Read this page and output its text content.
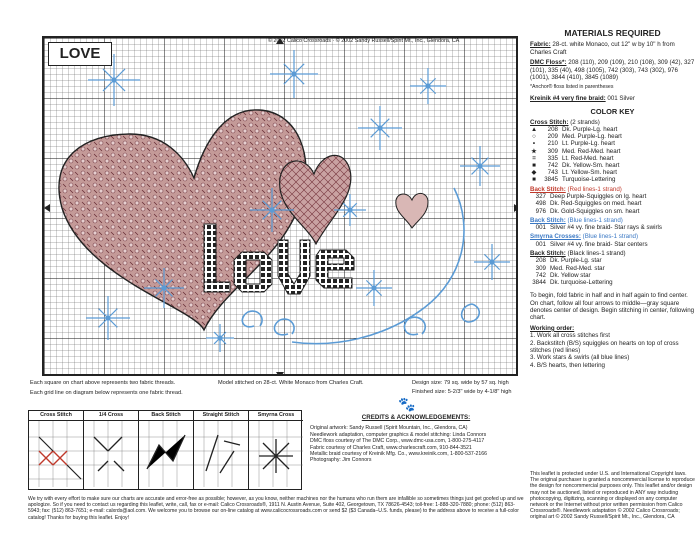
LOVE
© 2002 Calico Crossroads · © 2002 Sandy Russell/Spirit Mt., Inc., Glendora, CA
Each square on chart above represents two fabric threads.
Each grid line on diagram below represents one fabric thread.
Model stitched on 28-ct. White Monaco from Charles Craft.	Design size: 79 sq. wide by 57 sq. high
Finished size: 5-2/3" wide by 4-1/8" high
Cross Stitch	1/4 Cross	Back Stitch	Straight Stitch	Smyrna Cross
🐾
CREDITS & ACKNOWLEDGEMENTS:
Original artwork: Sandy Russell (Spirit Mountain, Inc., Glendora, CA)
Needlework adaptation, computer graphics & model stitching: Linda Connors
DMC floss courtesy of The DMC Corp., www.dmc-usa.com, 1-800-275-4117
Fabric courtesy of Charles Craft, www.charlescraft.com, 910-844-3521
Metallic braid courtesy of Kreinik Mfg. Co., www.kreinik.com, 1-800-537-2166
Photography: Jim Connors
We try with every effort to make sure our charts are accurate and error-free as possible; however, as you know, neither machines nor the humans who run them are infallible so sometimes things just get goofed up and we apologize. So if you need to contact us regarding this leaflet, write, call, fax or e-mail: Calico Crossroads®, 1911 N. Austin Avenue, Suite 402, Georgetown, TX 78626-4543; toll-free: 1-888-320-7880; phone: (512) 863-5943; fax: (512) 863-7651; e-mail: calxrds@aol.com. We welcome you to browse our on-line catalog at www.calicocrossroads.com or send $2 ($3 Canada–U.S. funds, please) to the address above to receive a full-color catalog! Thanks for buying this leaflet. Enjoy!
MATERIALS REQUIRED

Fabric: 28-ct. white Monaco, cut 12" w by 10" h from Charles Craft

DMC Floss*: 208 (110), 209 (109), 210 (108), 309 (42), 327 (101), 335 (40), 498 (1005), 742 (303), 743 (302), 976 (1001), 3844 (410), 3845 (1089)

*Anchor® floss listed in parentheses

Kreinik #4 very fine braid: 001 Silver

COLOR KEY
Cross Stitch: (2 strands)
▲	208 Dk. Purple-Lg. heart
○	209 Med. Purple-Lg. heart
•	210 Lt. Purple-Lg. heart
★	309 Med. Red-Med. heart
=	335 Lt. Red-Med. heart
■	742 Dk. Yellow-Sm. heart
◆	743 Lt. Yellow-Sm. heart
■	3845 Turquoise-Lettering
Back Stitch: (Red lines-1 strand)
327 Deep Purple-Squiggles on lg. heart
498 Dk. Red-Squiggles on med. heart
976 Dk. Gold-Squiggles on sm. heart
Back Stitch: (Blue lines-1 strand)
001 Silver #4 vy. fine braid- Star rays & swirls
Smyrna Crosses: (Blue lines-1 strand)
001 Silver #4 vy. fine braid- Star centers
Back Stitch: (Black lines-1 strand)
208 Dk. Purple-Lg. star
309 Med. Red-Med. star
742 Dk. Yellow star
3844 Dk. turquoise-Lettering

To begin, fold fabric in half and in half again to find center. On chart, follow all four arrows to middle—gray square denotes center of design. Begin stitching in center, following chart.

Working order:
1. Work all cross stitches first
2. Backstitch (B/S) squiggles on hearts on top of cross stitches (red lines)
3. Work stars & swirls (all blue lines)
4. B/S hearts, then lettering
This leaflet is protected under U.S. and International Copyright laws. The original purchaser is granted a noncommercial license to reproduce the design for noncommercial purposes only. This leaflet and/or design may not be auctioned, listed or reproduced in ANY way including photocopying, digitizing, scanning or displayed on any computer network or the Internet without prior written permission from Calico Crossroads®. Needlework adaptation © 2002 Calico Crossroads; original art © 2002 Sandy Russell/Spirit Mt., Inc., Glendora, CA
